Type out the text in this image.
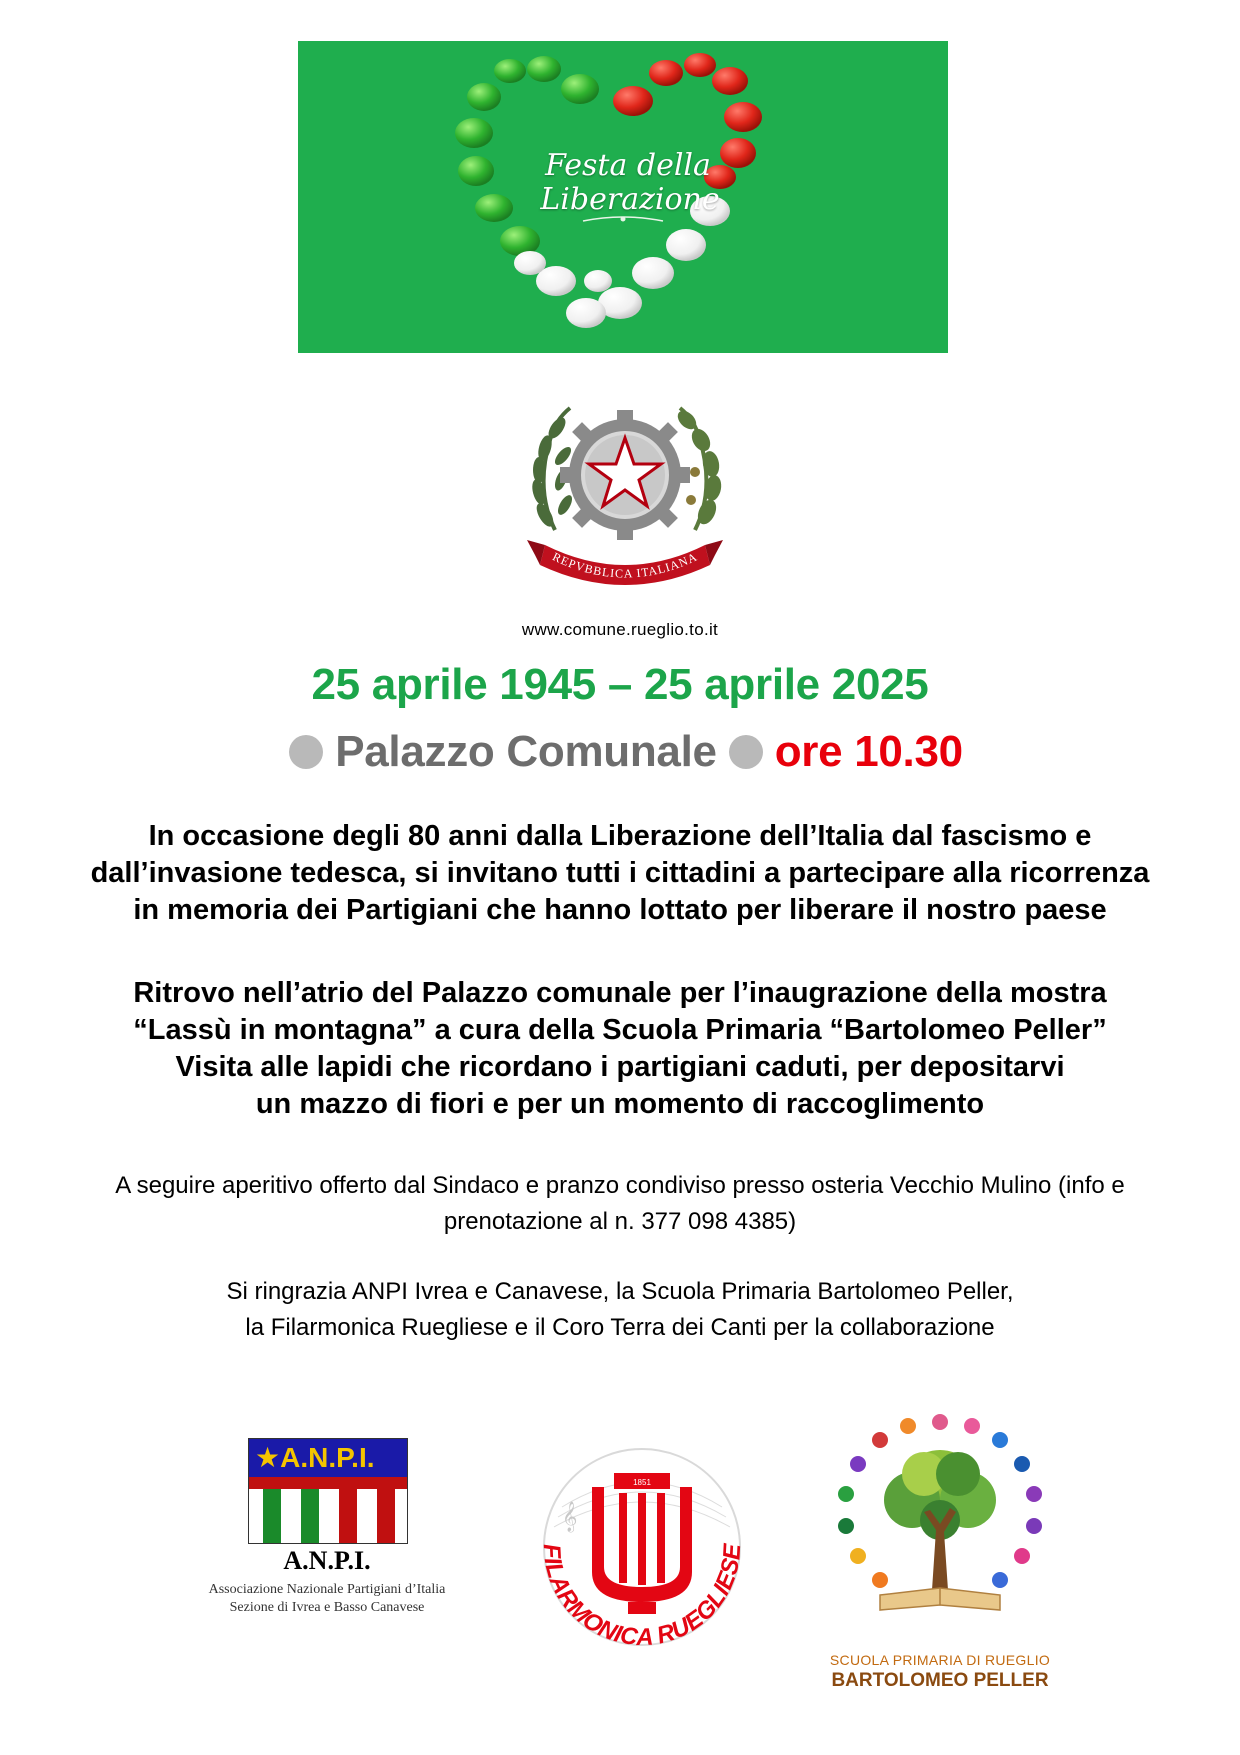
Festa della
Liberazione
REPVBBLICA ITALIANA
www.comune.rueglio.to.it
25 aprile 1945 – 25 aprile 2025
Palazzo Comunale ore 10.30
In occasione degli 80 anni dalla Liberazione dell’Italia dal fascismo e
dall’invasione tedesca, si invitano tutti i cittadini a partecipare alla ricorrenza
in memoria dei Partigiani che hanno lottato per liberare il nostro paese
Ritrovo nell’atrio del Palazzo comunale per l’inaugrazione della mostra
“Lassù in montagna” a cura della Scuola Primaria “Bartolomeo Peller”
Visita alle lapidi che ricordano i partigiani caduti, per depositarvi
un mazzo di fiori e per un momento di raccoglimento
A seguire aperitivo offerto dal Sindaco e pranzo condiviso presso osteria Vecchio Mulino (info e
prenotazione al n. 377 098 4385)
Si ringrazia ANPI Ivrea e Canavese, la Scuola Primaria Bartolomeo Peller,
la Filarmonica Ruegliese e il Coro Terra dei Canti per la collaborazione
★A.N.P.I.
A.N.P.I.
Associazione Nazionale Partigiani d’Italia
Sezione di Ivrea e Basso Canavese
𝄞
1851
FILARMONICA RUEGLIESE
SCUOLA PRIMARIA DI RUEGLIO
BARTOLOMEO PELLER
